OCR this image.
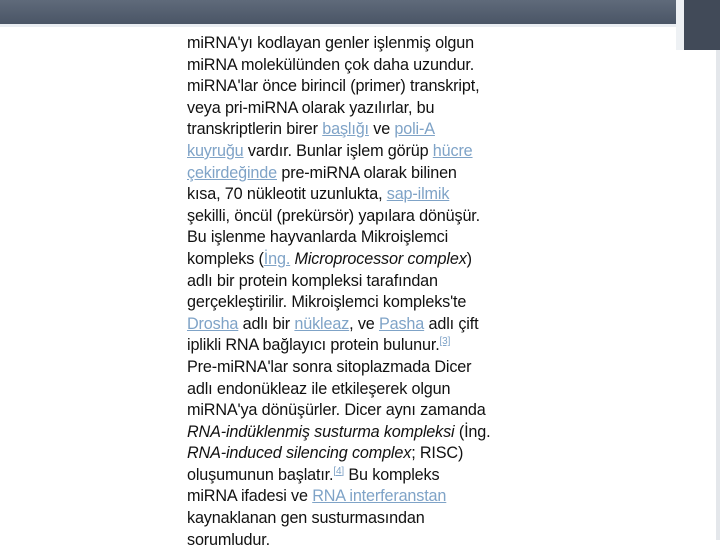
miRNA'yı kodlayan genler işlenmiş olgun
miRNA molekülünden çok daha uzundur.
miRNA'lar önce birincil (primer) transkript,
veya pri-miRNA olarak yazılırlar, bu
transkriptlerin birer başlığı ve poli-A
kuyruğu vardır. Bunlar işlem görüp hücre
çekirdeğinde pre-miRNA olarak bilinen
kısa, 70 nükleotit uzunlukta, sap-ilmik
şekilli, öncül (prekürsör) yapılara dönüşür.
Bu işlenme hayvanlarda Mikroişlemci
kompleks (İng. Microprocessor complex)
adlı bir protein kompleksi tarafından
gerçekleştirilir. Mikroişlemci kompleks'te
Drosha adlı bir nükleaz, ve Pasha adlı çift
iplikli RNA bağlayıcı protein bulunur.[3]
Pre-miRNA'lar sonra sitoplazmada Dicer
adlı endonükleaz ile etkileşerek olgun
miRNA'ya dönüşürler. Dicer aynı zamanda
RNA-indüklenmiş susturma kompleksi (İng.
RNA-induced silencing complex; RISC)
oluşumunun başlatır.[4] Bu kompleks
miRNA ifadesi ve RNA interferanstan
kaynaklanan gen susturmasından
sorumludur.
